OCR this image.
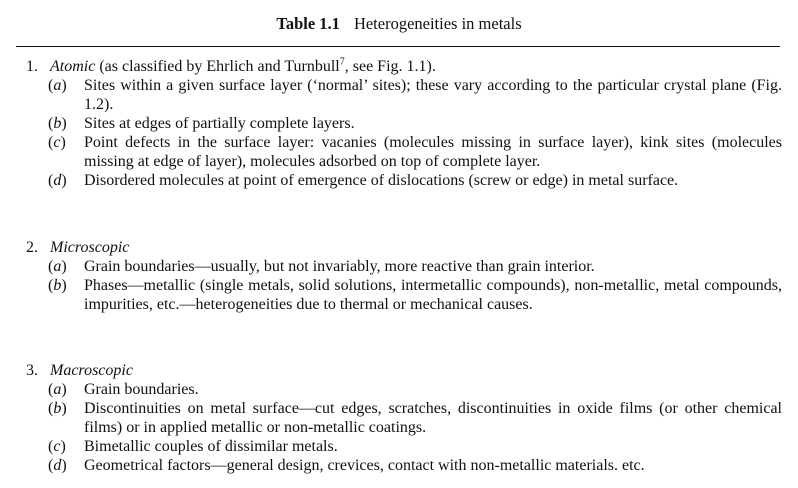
Table 1.1 Heterogeneities in metals
1. Atomic (as classified by Ehrlich and Turnbull$^7$, see Fig. 1.1).
(a)	Sites within a given surface layer (‘normal’ sites); these vary according to the particular crystal plane (Fig. 1.2).
(b)	Sites at edges of partially complete layers.
(c)	Point defects in the surface layer: vacanies (molecules missing in surface layer), kink sites (molecules missing at edge of layer), molecules adsorbed on top of complete layer.
(d)	Disordered molecules at point of emergence of dislocations (screw or edge) in metal surface.
2. Microscopic
(a)	Grain boundaries—usually, but not invariably, more reactive than grain interior.
(b)	Phases—metallic (single metals, solid solutions, intermetallic compounds), non-metallic, metal compounds, impurities, etc.—heterogeneities due to thermal or mechanical causes.
3. Macroscopic
(a)	Grain boundaries.
(b)	Discontinuities on metal surface—cut edges, scratches, discontinuities in oxide films (or other chemical films) or in applied metallic or non-metallic coatings.
(c)	Bimetallic couples of dissimilar metals.
(d)	Geometrical factors—general design, crevices, contact with non-metallic materials. etc.
